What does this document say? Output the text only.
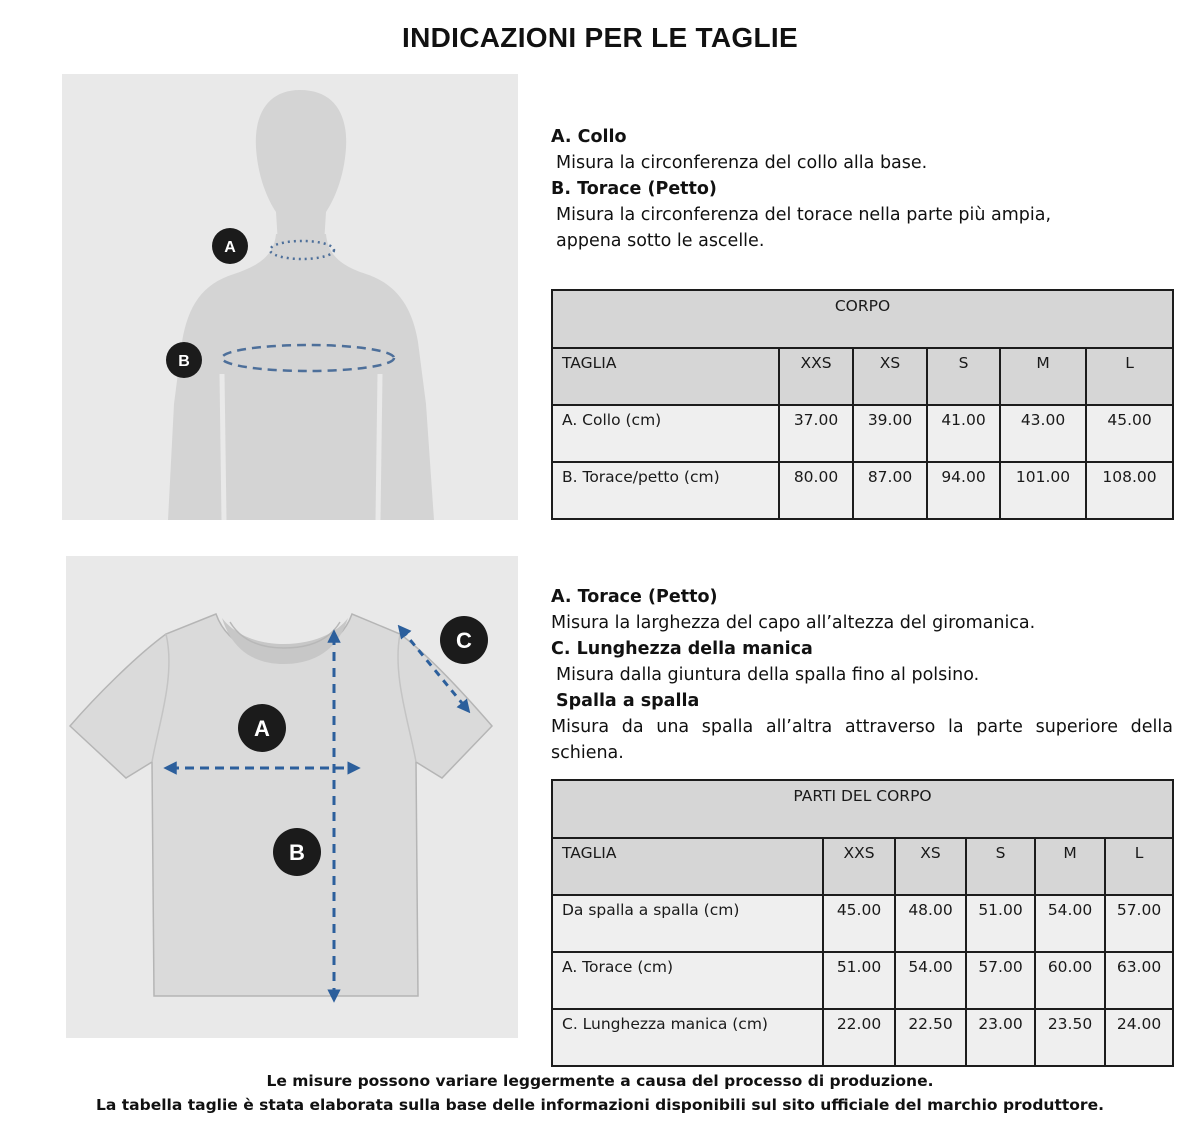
INDICAZIONI PER LE TAGLIE
A
B
A. Collo
Misura la circonferenza del collo alla base.
B. Torace (Petto)
Misura la circonferenza del torace nella parte più ampia, appena sotto le ascelle.
CORPO					
TAGLIA	XXS	XS	S	M	L
A. Collo (cm)	37.00	39.00	41.00	43.00	45.00
B. Torace/petto (cm)	80.00	87.00	94.00	101.00	108.00
A
B
C
A. Torace (Petto)
Misura la larghezza del capo all’altezza del giromanica.
C. Lunghezza della manica
Misura dalla giuntura della spalla fino al polsino.
Spalla a spalla
Misura da una spalla all’altra attraverso la parte superiore della
schiena.
PARTI DEL CORPO					
TAGLIA	XXS	XS	S	M	L
Da spalla a spalla (cm)	45.00	48.00	51.00	54.00	57.00
A. Torace (cm)	51.00	54.00	57.00	60.00	63.00
C. Lunghezza manica (cm)	22.00	22.50	23.00	23.50	24.00
Le misure possono variare leggermente a causa del processo di produzione.
La tabella taglie è stata elaborata sulla base delle informazioni disponibili sul sito ufficiale del marchio produttore.
